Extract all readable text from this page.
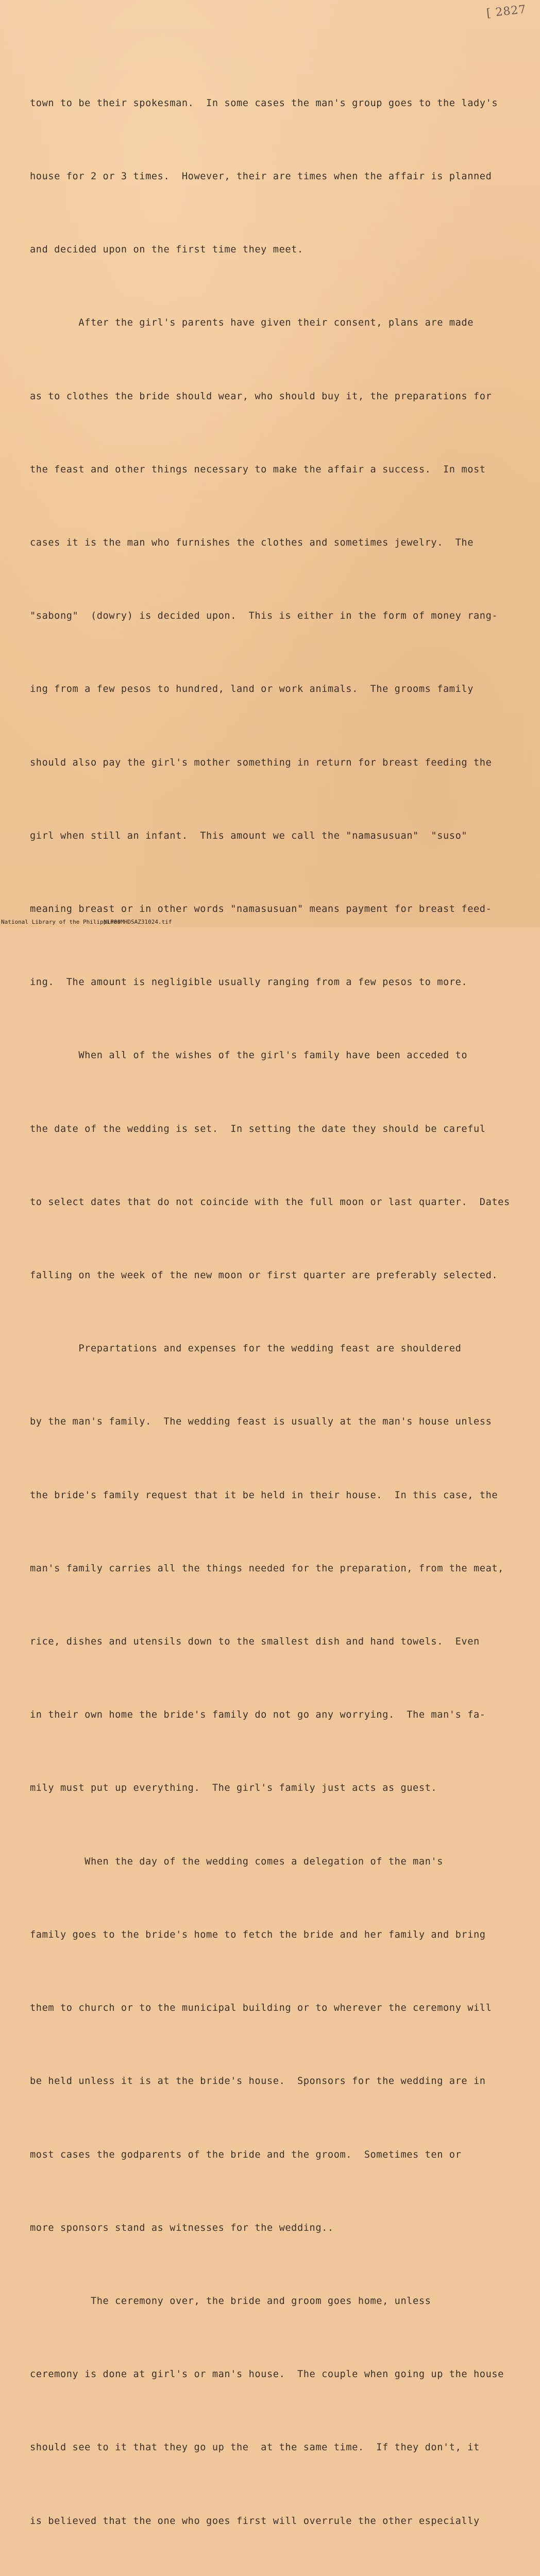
[ 2827

town to be their spokesman.  In some cases the man's group goes to the lady's

house for 2 or 3 times.  However, their are times when the affair is planned

and decided upon on the first time they meet.

After the girl's parents have given their consent, plans are made

as to clothes the bride should wear, who should buy it, the preparations for

the feast and other things necessary to make the affair a success.  In most

cases it is the man who furnishes the clothes and sometimes jewelry.  The

"sabong"  (dowry) is decided upon.  This is either in the form of money rang-

ing from a few pesos to hundred, land or work animals.  The grooms family

should also pay the girl's mother something in return for breast feeding the

girl when still an infant.  This amount we call the "namasusuan"  "suso"

meaning breast or in other words "namasusuan" means payment for breast feed-

ing.  The amount is negligible usually ranging from a few pesos to more.

When all of the wishes of the girl's family have been acceded to

the date of the wedding is set.  In setting the date they should be careful

to select dates that do not coincide with the full moon or last quarter.  Dates

falling on the week of the new moon or first quarter are preferably selected.

Prepartations and expenses for the wedding feast are shouldered

by the man's family.  The wedding feast is usually at the man's house unless

the bride's family request that it be held in their house.  In this case, the

man's family carries all the things needed for the preparation, from the meat,

rice, dishes and utensils down to the smallest dish and hand towels.  Even

in their own home the bride's family do not go any worrying.  The man's fa-

mily must put up everything.  The girl's family just acts as guest.

When the day of the wedding comes a delegation of the man's

family goes to the bride's home to fetch the bride and her family and bring

them to church or to the municipal building or to wherever the ceremony will

be held unless it is at the bride's house.  Sponsors for the wedding are in

most cases the godparents of the bride and the groom.  Sometimes ten or

more sponsors stand as witnesses for the wedding..

The ceremony over, the bride and groom goes home, unless

ceremony is done at girl's or man's house.  The couple when going up the house

should see to it that they go up the  at the same time.  If they don't, it

is believed that the one who goes first will overrule the other especially

National Library of the Philippines

NLP00MHDSAZ31024.tif
